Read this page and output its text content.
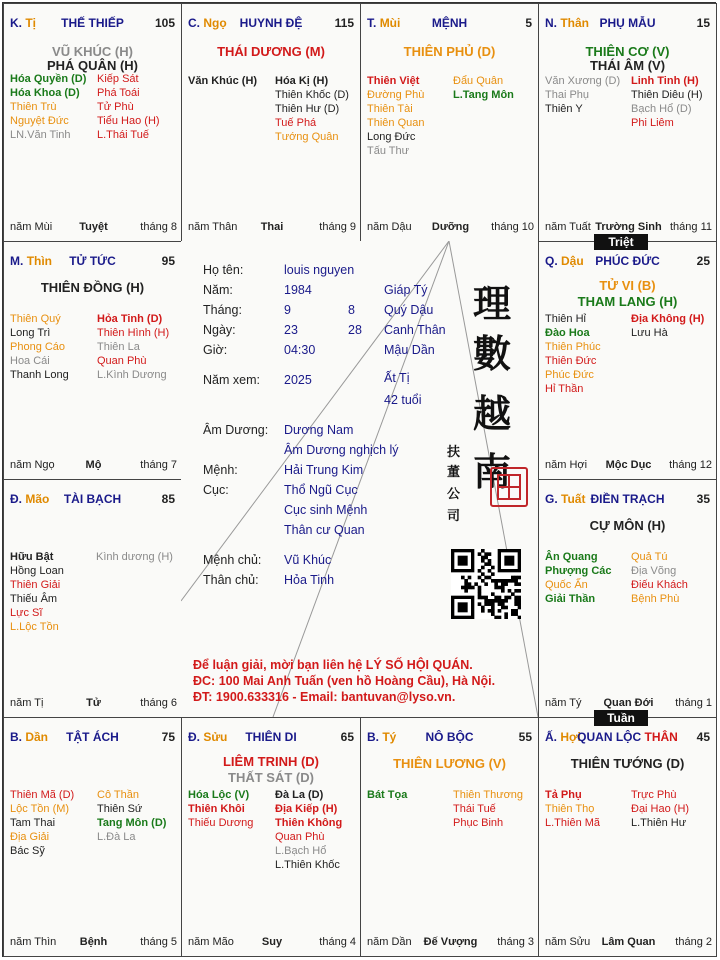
K. Tị	THẾ THIẾP	105
VŨ KHÚC (H)
PHÁ QUÂN (H)
Hóa Quyền (D)
Hóa Khoa (D)
Thiên Trù
Nguyệt Đức
LN.Văn Tinh
Kiếp Sát
Phá Toái
Tử Phù
Tiểu Hao (H)
L.Thái Tuế
năm Mùi	Tuyệt	tháng 8
C. Ngọ	HUYNH ĐỆ	115
THÁI DƯƠNG (M)
Văn Khúc (H) Hóa Kị (H)
Thiên Khốc (D)
Thiên Hư (D)
Tuế Phá
Tướng Quân
năm Thân	Thai	tháng 9
T. Mùi	MỆNH	5
THIÊN PHỦ (D)
Thiên Việt
Đường Phù
Thiên Tài
Thiên Quan
Long Đức
Tấu Thư
Đẩu Quân
L.Tang Môn
năm Dậu	Dưỡng	tháng 10
N. Thân PHỤ MẪU	15
THIÊN CƠ (V)
THÁI ÂM (V)
Văn Xương (D)
Thai Phụ
Thiên Y
Linh Tinh (H)
Thiên Diêu (H)
Bạch Hổ (D)
Phi Liêm
năm Tuất Trường Sinh tháng 11
M. Thìn	TỬ TỨC	95
THIÊN ĐỒNG (H)
Thiên Quý
Long Trì
Phong Cáo
Hoa Cái
Thanh Long
Hỏa Tinh (D)
Thiên Hình (H)
Thiên La
Quan Phù
L.Kình Dương
năm Ngọ	Mộ	tháng 7
Q. Dậu PHÚC ĐỨC	25
TỬ VI (B)
THAM LANG (H)
Thiên Hỉ
Đào Hoa
Thiên Phúc
Thiên Đức
Phúc Đức
Hỉ Thần
Địa Không (H)
Lưu Hà
năm Hợi	Mộc Dục	tháng 12
Đ. Mão	TÀI BẠCH	85
Hữu Bật
Hồng Loan
Thiên Giải
Thiếu Âm
Lực Sĩ
L.Lộc Tồn
Kình dương (H)
năm Tị	Tử	tháng 6
G. Tuất ĐIỀN TRẠCH	35
CỰ MÔN (H)
Ân Quang
Phượng Các
Quốc Ấn
Giải Thần
Quả Tú
Địa Võng
Điếu Khách
Bệnh Phù
năm Tý	Quan Đới	tháng 1
B. Dần	TẬT ÁCH	75
Thiên Mã (D)
Lộc Tồn (M)
Tam Thai
Địa Giải
Bác Sỹ
Cô Thần
Thiên Sứ
Tang Môn (D)
L.Đà La
năm Thìn	Bệnh	tháng 5
Đ. Sửu	THIÊN DI	65
LIÊM TRINH (D)
THẤT SÁT (D)
Hóa Lộc (V)
Thiên Khôi
Thiếu Dương
Đà La (D)
Địa Kiếp (H)
Thiên Không
Quan Phù
L.Bạch Hổ
L.Thiên Khốc
năm Mão	Suy	tháng 4
B. Tý	NÔ BỘC	55
THIÊN LƯƠNG (V)
Bát Tọa	Thiên Thương
Thái Tuế
Phục Binh
năm Dần	Đế Vượng	tháng 3
Ấ. Hợi
QUAN LỘC THÂN	45
THIÊN TƯỚNG (D)
Tả Phụ
Thiên Thọ
L.Thiên Mã
Trực Phù
Đại Hao (H)
L.Thiên Hư
năm Sửu	Lâm Quan	tháng 2
Họ tên:	louis nguyen
Năm:	1984	Giáp Tý
Tháng:	9	8 Quý Dậu
Ngày:	23	28 Canh Thân
Giờ:	04:30	Mậu Dần
Năm xem: 2025	Ất Tị
42 tuổi
Âm Dương: Dương Nam
Âm Dương nghịch lý
Mệnh:	Hải Trung Kim
Cục:	Thổ Ngũ Cục
Cục sinh Mệnh
Thân cư Quan
Mệnh chủ: Vũ Khúc
Thân chủ: Hỏa Tinh
理
數
越
南
扶
董
公
司
Để luận giải, mời bạn liên hệ LÝ SỐ HỘI QUÁN.
ĐC: 100 Mai Anh Tuấn (ven hồ Hoàng Cầu), Hà Nội.
ĐT: 1900.633316 - Email: bantuvan@lyso.vn.
Triệt
Tuần
